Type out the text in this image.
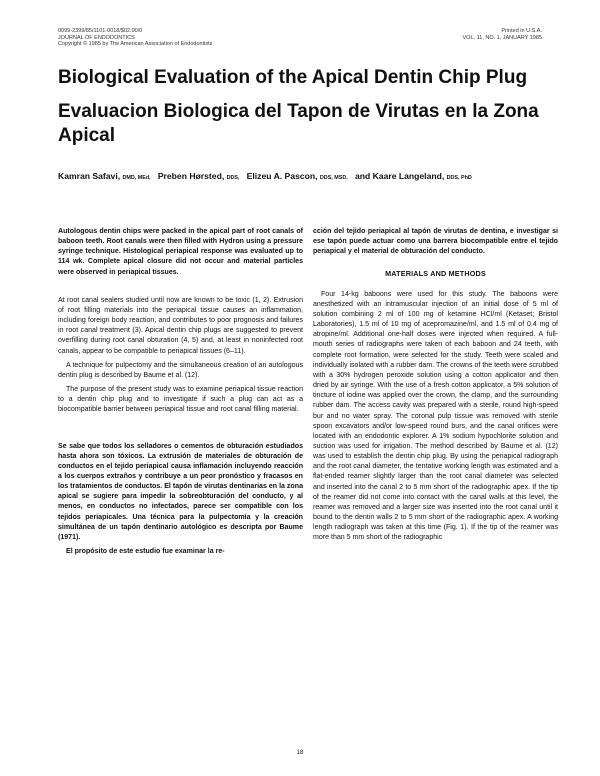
0099-2399/85/1101-0018/$02.00/0
JOURNAL OF ENDODONTICS
Copyright © 1985 by The American Association of Endodontists
Printed in U.S.A.
VOL. 11, NO. 1, JANUARY 1985
Biological Evaluation of the Apical Dentin Chip Plug
Evaluacion Biologica del Tapon de Virutas en la Zona Apical
Kamran Safavi, DMD, MEd, Preben Hørsted, DDS, Elizeu A. Pascon, DDS, MSD, and Kaare Langeland, DDS, PhD

Autologous dentin chips were packed in the apical part of root canals of baboon teeth. Root canals were then filled with Hydron using a pressure syringe technique. Histological periapical response was evaluated up to 114 wk. Complete apical closure did not occur and material particles were observed in periapical tissues.

At root canal sealers studied until now are known to be toxic (1, 2). Extrusion of root filling materials into the periapical tissue causes an inflammation, including foreign body reaction, and contributes to poor prognosis and failures in root canal treatment (3). Apical dentin chip plugs are suggested to prevent overfilling during root canal obturation (4, 5) and, at least in noninfected root canals, appear to be compatible to periapical tissues (6–11).

A technique for pulpectomy and the simultaneous creation of an autologous dentin plug is described by Baume et al. (12).

The purpose of the present study was to examine periapical tissue reaction to a dentin chip plug and to investigate if such a plug can act as a biocompatible barrier between periapical tissue and root canal filling material.

Se sabe que todos los selladores o cementos de obturación estudiados hasta ahora son tóxicos. La extrusión de materiales de obturación de conductos en el tejido periapical causa inflamación incluyendo reacción a los cuerpos extraños y contribuye a un peor pronóstico y fracasos en los tratamientos de conductos. El tapón de virutas dentinarias en la zona apical se sugiere para impedir la sobreobturación del conducto, y al menos, en conductos no infectados, parece ser compatible con los tejidos periapicales. Una técnica para la pulpectomía y la creación simultánea de un tapón dentinario autológico es descripta por Baume (1971).

El propósito de este estudio fue examinar la re-

cción del tejido periapical al tapón de virutas de dentina, e investigar si ese tapón puede actuar como una barrera biocompatible entre el tejido periapical y el material de obturación del conducto.

MATERIALS AND METHODS

Four 14-kg baboons were used for this study. The baboons were anesthetized with an intramuscular injection of an initial dose of 5 ml of solution combining 2 ml of 100 mg of ketamine HCl/ml (Ketaset; Bristol Laboratories), 1.5 ml of 10 mg of acepromazine/ml, and 1.5 ml of 0.4 mg of atropine/ml. Additional one-half doses were injected when required. A full-mouth series of radiographs were taken of each baboon and 24 teeth, with complete root formation, were selected for the study. Teeth were scaled and individually isolated with a rubber dam. The crowns of the teeth were scrubbed with a 30% hydrogen peroxide solution using a cotton applicator and then dried by air syringe. With the use of a fresh cotton applicator, a 5% solution of tincture of iodine was applied over the crown, the clamp, and the surrounding rubber dam. The access cavity was prepared with a sterile, round high-speed bur and no water spray. The coronal pulp tissue was removed with sterile spoon excavators and/or low-speed round burs, and the canal orifices were located with an endodontic explorer. A 1% sodium hypochlorite solution and suction was used for irrigation. The method described by Baume et al. (12) was used to establish the dentin chip plug. By using the periapical radiograph and the root canal diameter, the tentative working length was estimated and a flat-ended reamer slightly larger than the root canal diameter was selected and inserted into the canal 2 to 5 mm short of the radiographic apex. If the tip of the reamer did not come into contact with the canal walls at this level, the reamer was removed and a larger size was inserted into the root canal until it bound to the dentin walls 2 to 5 mm short of the radiographic apex. A working length radiograph was taken at this time (Fig. 1). If the tip of the reamer was more than 5 mm short of the radiographic

18
